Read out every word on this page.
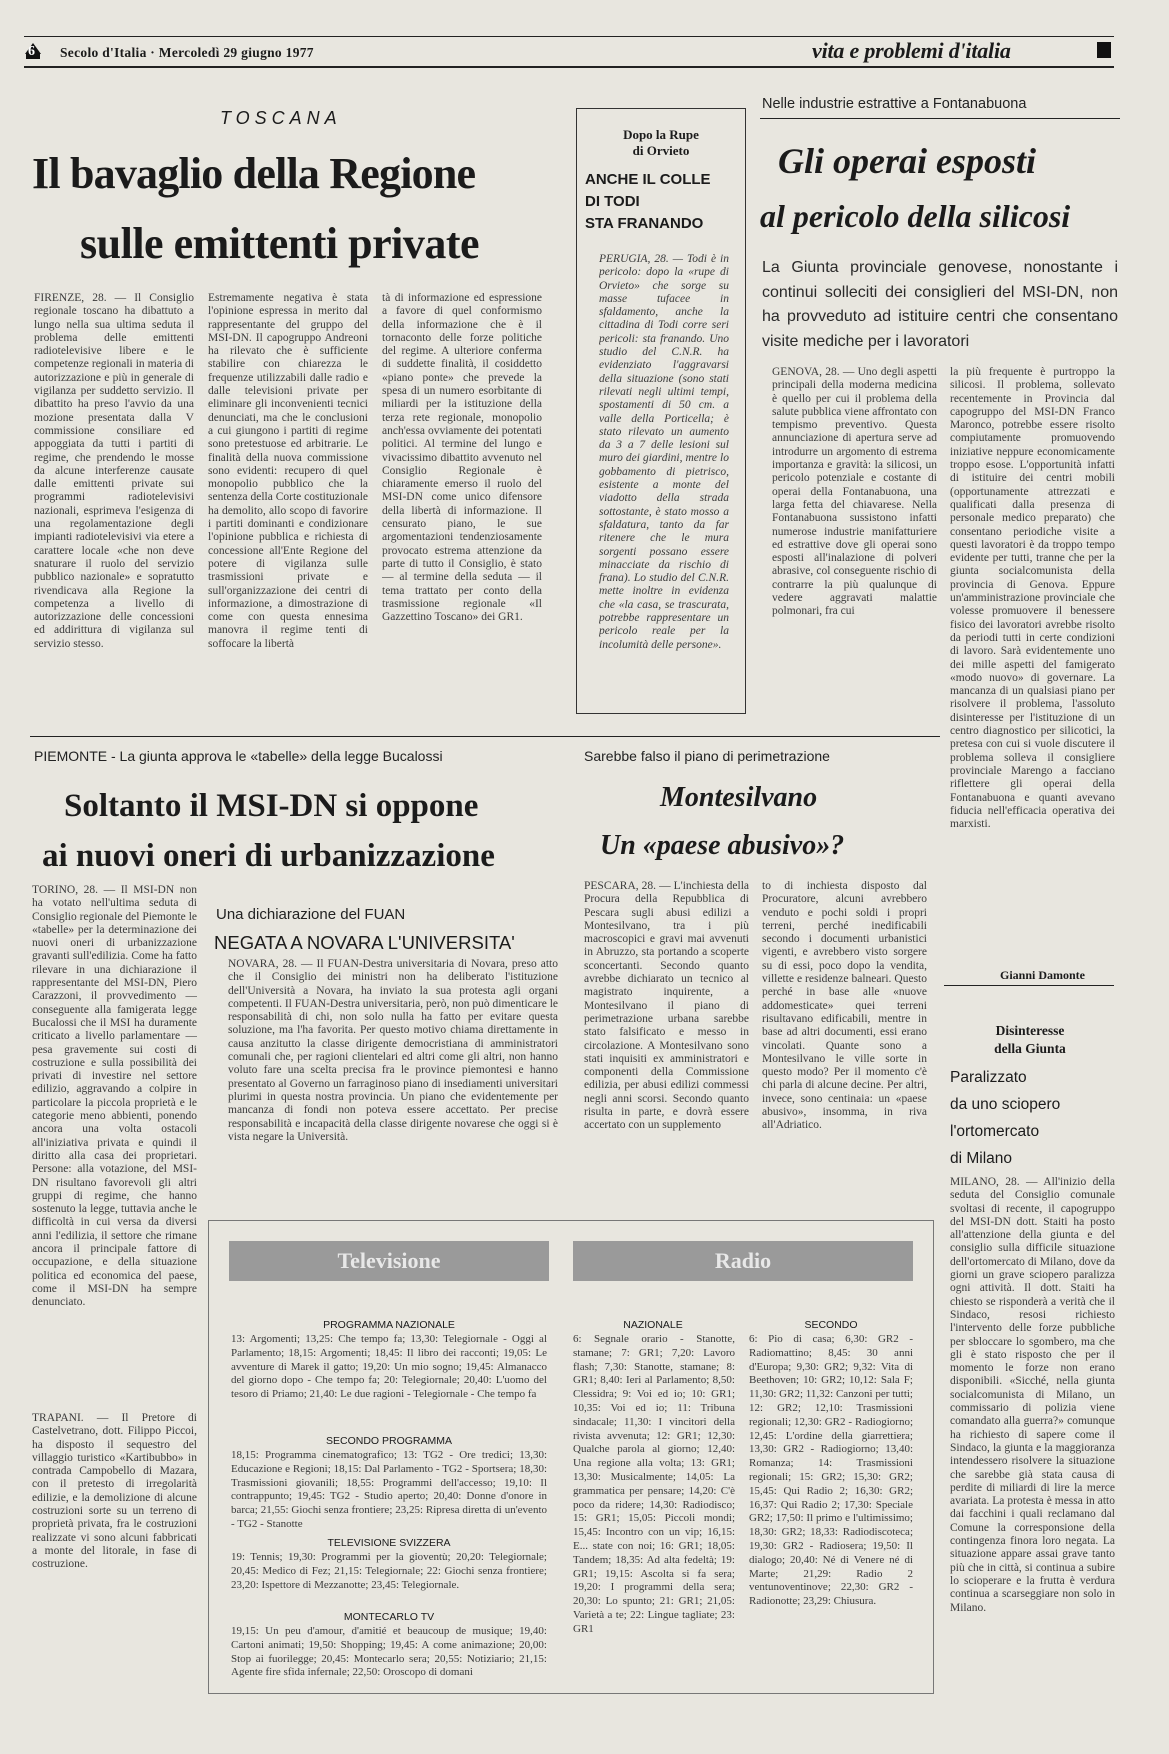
6 Secolo d'Italia · Mercoledì 29 giugno 1977	vita e problemi d'italia
TOSCANA
Il bavaglio della Regione
sulle emittenti private
FIRENZE, 28. — Il Consiglio regionale toscano ha dibattuto a lungo nella sua ultima seduta il problema delle emittenti radiotelevisive libere e le competenze regionali in materia di autorizzazione e più in generale di vigilanza per suddetto servizio. Il dibattito ha preso l'avvio da una mozione presentata dalla V commissione consiliare ed appoggiata da tutti i partiti di regime, che prendendo le mosse da alcune interferenze causate dalle emittenti private sui programmi radiotelevisivi nazionali, esprimeva l'esigenza di una regolamentazione degli impianti radiotelevisivi via etere a carattere locale «che non deve snaturare il ruolo del servizio pubblico nazionale» e sopratutto rivendicava alla Regione la competenza a livello di autorizzazione delle concessioni ed addirittura di vigilanza sul servizio stesso.
Estremamente negativa è stata l'opinione espressa in merito dal rappresentante del gruppo del MSI-DN. Il capogruppo Andreoni ha rilevato che è sufficiente stabilire con chiarezza le frequenze utilizzabili dalle radio e dalle televisioni private per eliminare gli inconvenienti tecnici denunciati, ma che le conclusioni a cui giungono i partiti di regime sono pretestuose ed arbitrarie. Le finalità della nuova commissione sono evidenti: recupero di quel monopolio pubblico che la sentenza della Corte costituzionale ha demolito, allo scopo di favorire i partiti dominanti e condizionare l'opinione pubblica e richiesta di concessione all'Ente Regione del potere di vigilanza sulle trasmissioni private e sull'organizzazione dei centri di informazione, a dimostrazione di come con questa ennesima manovra il regime tenti di soffocare la libertà
tà di informazione ed espressione a favore di quel conformismo della informazione che è il tornaconto delle forze politiche del regime. A ulteriore conferma di suddette finalità, il cosiddetto «piano ponte» che prevede la spesa di un numero esorbitante di miliardi per la istituzione della terza rete regionale, monopolio anch'essa ovviamente dei potentati politici. Al termine del lungo e vivacissimo dibattito avvenuto nel Consiglio Regionale è chiaramente emerso il ruolo del MSI-DN come unico difensore della libertà di informazione. Il censurato piano, le sue argomentazioni tendenziosamente provocato estrema attenzione da parte di tutto il Consiglio, è stato — al termine della seduta — il tema trattato per conto della trasmissione regionale «Il Gazzettino Toscano» dei GR1.
Dopo la Rupe
di Orvieto
ANCHE IL COLLE
DI TODI
STA FRANANDO
PERUGIA, 28. — Todi è in pericolo: dopo la «rupe di Orvieto» che sorge su masse tufacee in sfaldamento, anche la cittadina di Todi corre seri pericoli: sta franando. Uno studio del C.N.R. ha evidenziato l'aggravarsi della situazione (sono stati rilevati negli ultimi tempi, spostamenti di 50 cm. a valle della Porticella; è stato rilevato un aumento da 3 a 7 delle lesioni sul muro dei giardini, mentre lo gobbamento di pietrisco, esistente a monte del viadotto della strada sottostante, è stato mosso a sfaldatura, tanto da far ritenere che le mura sorgenti possano essere minacciate da rischio di frana). Lo studio del C.N.R. mette inoltre in evidenza che «la casa, se trascurata, potrebbe rappresentare un pericolo reale per la incolumità delle persone».
Nelle industrie estrattive a Fontanabuona
Gli operai esposti
al pericolo della silicosi
La Giunta provinciale genovese, nonostante i continui solleciti dei consiglieri del MSI-DN, non ha provveduto ad istituire centri che consentano visite mediche per i lavoratori
GENOVA, 28. — Uno degli aspetti principali della moderna medicina è quello per cui il problema della salute pubblica viene affrontato con tempismo preventivo. Questa annunciazione di apertura serve ad introdurre un argomento di estrema importanza e gravità: la silicosi, un pericolo potenziale e costante di operai della Fontanabuona, una larga fetta del chiavarese. Nella Fontanabuona sussistono infatti numerose industrie manifatturiere ed estrattive dove gli operai sono esposti all'inalazione di polveri abrasive, col conseguente rischio di contrarre la più qualunque di vedere aggravati malattie polmonari, fra cui
la più frequente è purtroppo la silicosi. Il problema, sollevato recentemente in Provincia dal capogruppo del MSI-DN Franco Maronco, potrebbe essere risolto compiutamente promuovendo iniziative neppure economicamente troppo esose. L'opportunità infatti di istituire dei centri mobili (opportunamente attrezzati e qualificati dalla presenza di personale medico preparato) che consentano periodiche visite a questi lavoratori è da troppo tempo evidente per tutti, tranne che per la giunta socialcomunista della provincia di Genova. Eppure un'amministrazione provinciale che volesse promuovere il benessere fisico dei lavoratori avrebbe risolto da periodi tutti in certe condizioni di lavoro. Sarà evidentemente uno dei mille aspetti del famigerato «modo nuovo» di governare. La mancanza di un qualsiasi piano per risolvere il problema, l'assoluto disinteresse per l'istituzione di un centro diagnostico per silicotici, la pretesa con cui si vuole discutere il problema solleva il consigliere provinciale Marengo a facciano riflettere gli operai della Fontanabuona e quanti avevano fiducia nell'efficacia operativa dei marxisti.
Gianni Damonte
PIEMONTE - La giunta approva le «tabelle» della legge Bucalossi
Soltanto il MSI-DN si oppone
ai nuovi oneri di urbanizzazione
TORINO, 28. — Il MSI-DN non ha votato nell'ultima seduta di Consiglio regionale del Piemonte le «tabelle» per la determinazione dei nuovi oneri di urbanizzazione gravanti sull'edilizia. Come ha fatto rilevare in una dichiarazione il rappresentante del MSI-DN, Piero Carazzoni, il provvedimento — conseguente alla famigerata legge Bucalossi che il MSI ha duramente criticato a livello parlamentare — pesa gravemente sui costi di costruzione e sulla possibilità dei privati di investire nel settore edilizio, aggravando a colpire in particolare la piccola proprietà e le categorie meno abbienti, ponendo ancora una volta ostacoli all'iniziativa privata e quindi il diritto alla casa dei proprietari. Persone: alla votazione, del MSI-DN risultano favorevoli gli altri gruppi di regime, che hanno sostenuto la legge, tuttavia anche le difficoltà in cui versa da diversi anni l'edilizia, il settore che rimane ancora il principale fattore di occupazione, e della situazione politica ed economica del paese, come il MSI-DN ha sempre denunciato.
TRAPANI. — Il Pretore di Castelvetrano, dott. Filippo Piccoi, ha disposto il sequestro del villaggio turistico «Kartibubbo» in contrada Campobello di Mazara, con il pretesto di irregolarità edilizie, e la demolizione di alcune costruzioni sorte su un terreno di proprietà privata, fra le costruzioni realizzate vi sono alcuni fabbricati a monte del litorale, in fase di costruzione.
Una dichiarazione del FUAN
NEGATA A NOVARA L'UNIVERSITA'
NOVARA, 28. — Il FUAN-Destra universitaria di Novara, preso atto che il Consiglio dei ministri non ha deliberato l'istituzione dell'Università a Novara, ha inviato la sua protesta agli organi competenti. Il FUAN-Destra universitaria, però, non può dimenticare le responsabilità di chi, non solo nulla ha fatto per evitare questa soluzione, ma l'ha favorita. Per questo motivo chiama direttamente in causa anzitutto la classe dirigente democristiana di amministratori comunali che, per ragioni clientelari ed altri come gli altri, non hanno voluto fare una scelta precisa fra le province piemontesi e hanno presentato al Governo un farraginoso piano di insediamenti universitari plurimi in questa nostra provincia. Un piano che evidentemente per mancanza di fondi non poteva essere accettato. Per precise responsabilità e incapacità della classe dirigente novarese che oggi si è vista negare la Università.
Sarebbe falso il piano di perimetrazione
Montesilvano
Un «paese abusivo»?
PESCARA, 28. — L'inchiesta della Procura della Repubblica di Pescara sugli abusi edilizi a Montesilvano, tra i più macroscopici e gravi mai avvenuti in Abruzzo, sta portando a scoperte sconcertanti. Secondo quanto avrebbe dichiarato un tecnico al magistrato inquirente, a Montesilvano il piano di perimetrazione urbana sarebbe stato falsificato e messo in circolazione. A Montesilvano sono stati inquisiti ex amministratori e componenti della Commissione edilizia, per abusi edilizi commessi negli anni scorsi. Secondo quanto risulta in parte, e dovrà essere accertato con un supplemento
to di inchiesta disposto dal Procuratore, alcuni avrebbero venduto e pochi soldi i propri terreni, perché inedificabili secondo i documenti urbanistici vigenti, e avrebbero visto sorgere su di essi, poco dopo la vendita, villette e residenze balneari. Questo perché in base alle «nuove addomesticate» quei terreni risultavano edificabili, mentre in base ad altri documenti, essi erano vincolati. Quante sono a Montesilvano le ville sorte in questo modo? Per il momento c'è chi parla di alcune decine. Per altri, invece, sono centinaia: un «paese abusivo», insomma, in riva all'Adriatico.
Disinteresse
della Giunta
Paralizzato
da uno sciopero
l'ortomercato
di Milano
MILANO, 28. — All'inizio della seduta del Consiglio comunale svoltasi di recente, il capogruppo del MSI-DN dott. Staiti ha posto all'attenzione della giunta e del consiglio sulla difficile situazione dell'ortomercato di Milano, dove da giorni un grave sciopero paralizza ogni attività. Il dott. Staiti ha chiesto se risponderà a verità che il Sindaco, resosi richiesto l'intervento delle forze pubbliche per sbloccare lo sgombero, ma che gli è stato risposto che per il momento le forze non erano disponibili. «Sicché, nella giunta socialcomunista di Milano, un commissario di polizia viene comandato alla guerra?» comunque ha richiesto di sapere come il Sindaco, la giunta e la maggioranza intendessero risolvere la situazione che sarebbe già stata causa di perdite di miliardi di lire la merce avariata. La protesta è messa in atto dai facchini i quali reclamano dal Comune la corresponsione della contingenza finora loro negata. La situazione appare assai grave tanto più che in città, si continua a subire lo scioperare e la frutta è verdura continua a scarseggiare non solo in Milano.
Televisione	Radio
PROGRAMMA NAZIONALE
13: Argomenti; 13,25: Che tempo fa; 13,30: Telegiornale - Oggi al Parlamento; 18,15: Argomenti; 18,45: Il libro dei racconti; 19,05: Le avventure di Marek il gatto; 19,20: Un mio sogno; 19,45: Almanacco del giorno dopo - Che tempo fa; 20: Telegiornale; 20,40: L'uomo del tesoro di Priamo; 21,40: Le due ragioni - Telegiornale - Che tempo fa
SECONDO PROGRAMMA
18,15: Programma cinematografico; 13: TG2 - Ore tredici; 13,30: Educazione e Regioni; 18,15: Dal Parlamento - TG2 - Sportsera; 18,30: Trasmissioni giovanili; 18,55: Programmi dell'accesso; 19,10: Il contrappunto; 19,45: TG2 - Studio aperto; 20,40: Donne d'onore in barca; 21,55: Giochi senza frontiere; 23,25: Ripresa diretta di un'evento - TG2 - Stanotte
TELEVISIONE SVIZZERA
19: Tennis; 19,30: Programmi per la gioventù; 20,20: Telegiornale; 20,45: Medico di Fez; 21,15: Telegiornale; 22: Giochi senza frontiere; 23,20: Ispettore di Mezzanotte; 23,45: Telegiornale.
MONTECARLO TV
19,15: Un peu d'amour, d'amitié et beaucoup de musique; 19,40: Cartoni animati; 19,50: Shopping; 19,45: A come animazione; 20,00: Stop ai fuorilegge; 20,45: Montecarlo sera; 20,55: Notiziario; 21,15: Agente fire sfida infernale; 22,50: Oroscopo di domani
NAZIONALE
6: Segnale orario - Stanotte, stamane; 7: GR1; 7,20: Lavoro flash; 7,30: Stanotte, stamane; 8: GR1; 8,40: Ieri al Parlamento; 8,50: Clessidra; 9: Voi ed io; 10: GR1; 10,35: Voi ed io; 11: Tribuna sindacale; 11,30: I vincitori della rivista avvenuta; 12: GR1; 12,30: Qualche parola al giorno; 12,40: Una regione alla volta; 13: GR1; 13,30: Musicalmente; 14,05: La grammatica per pensare; 14,20: C'è poco da ridere; 14,30: Radiodisco; 15: GR1; 15,05: Piccoli mondi; 15,45: Incontro con un vip; 16,15: E... state con noi; 16: GR1; 18,05: Tandem; 18,35: Ad alta fedeltà; 19: GR1; 19,15: Ascolta si fa sera; 19,20: I programmi della sera; 20,30: Lo spunto; 21: GR1; 21,05: Varietà a te; 22: Lingue tagliate; 23: GR1
SECONDO
6: Pio di casa; 6,30: GR2 - Radiomattino; 8,45: 30 anni d'Europa; 9,30: GR2; 9,32: Vita di Beethoven; 10: GR2; 10,12: Sala F; 11,30: GR2; 11,32: Canzoni per tutti; 12: GR2; 12,10: Trasmissioni regionali; 12,30: GR2 - Radiogiorno; 12,45: L'ordine della giarrettiera; 13,30: GR2 - Radiogiorno; 13,40: Romanza; 14: Trasmissioni regionali; 15: GR2; 15,30: GR2; 15,45: Qui Radio 2; 16,30: GR2; 16,37: Qui Radio 2; 17,30: Speciale GR2; 17,50: Il primo e l'ultimissimo; 18,30: GR2; 18,33: Radiodiscoteca; 19,30: GR2 - Radiosera; 19,50: Il dialogo; 20,40: Né di Venere né di Marte; 21,29: Radio 2 ventunoventinove; 22,30: GR2 - Radionotte; 23,29: Chiusura.
